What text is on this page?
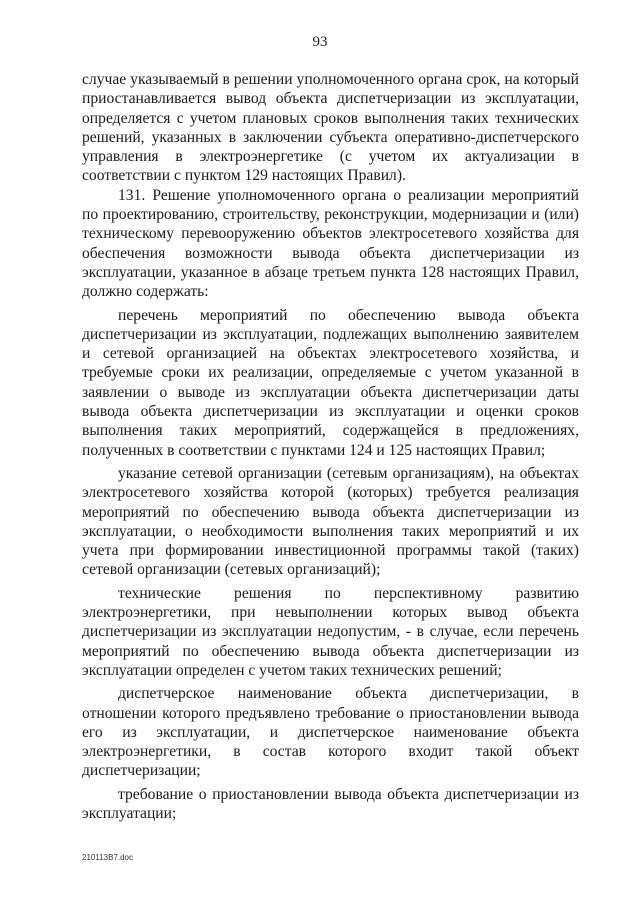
93

случае указываемый в решении уполномоченного органа срок, на который приостанавливается вывод объекта диспетчеризации из эксплуатации, определяется с учетом плановых сроков выполнения таких технических решений, указанных в заключении субъекта оперативно-диспетчерского управления в электроэнергетике (с учетом их актуализации в соответствии с пунктом 129 настоящих Правил).

131. Решение уполномоченного органа о реализации мероприятий по проектированию, строительству, реконструкции, модернизации и (или) техническому перевооружению объектов электросетевого хозяйства для обеспечения возможности вывода объекта диспетчеризации из эксплуатации, указанное в абзаце третьем пункта 128 настоящих Правил, должно содержать:

перечень мероприятий по обеспечению вывода объекта диспетчеризации из эксплуатации, подлежащих выполнению заявителем и сетевой организацией на объектах электросетевого хозяйства, и требуемые сроки их реализации, определяемые с учетом указанной в заявлении о выводе из эксплуатации объекта диспетчеризации даты вывода объекта диспетчеризации из эксплуатации и оценки сроков выполнения таких мероприятий, содержащейся в предложениях, полученных в соответствии с пунктами 124 и 125 настоящих Правил;

указание сетевой организации (сетевым организациям), на объектах электросетевого хозяйства которой (которых) требуется реализация мероприятий по обеспечению вывода объекта диспетчеризации из эксплуатации, о необходимости выполнения таких мероприятий и их учета при формировании инвестиционной программы такой (таких) сетевой организации (сетевых организаций);

технические решения по перспективному развитию электроэнергетики, при невыполнении которых вывод объекта диспетчеризации из эксплуатации недопустим, - в случае, если перечень мероприятий по обеспечению вывода объекта диспетчеризации из эксплуатации определен с учетом таких технических решений;

диспетчерское наименование объекта диспетчеризации, в отношении которого предъявлено требование о приостановлении вывода его из эксплуатации, и диспетчерское наименование объекта электроэнергетики, в состав которого входит такой объект диспетчеризации;

требование о приостановлении вывода объекта диспетчеризации из эксплуатации;

210113B7.doc
